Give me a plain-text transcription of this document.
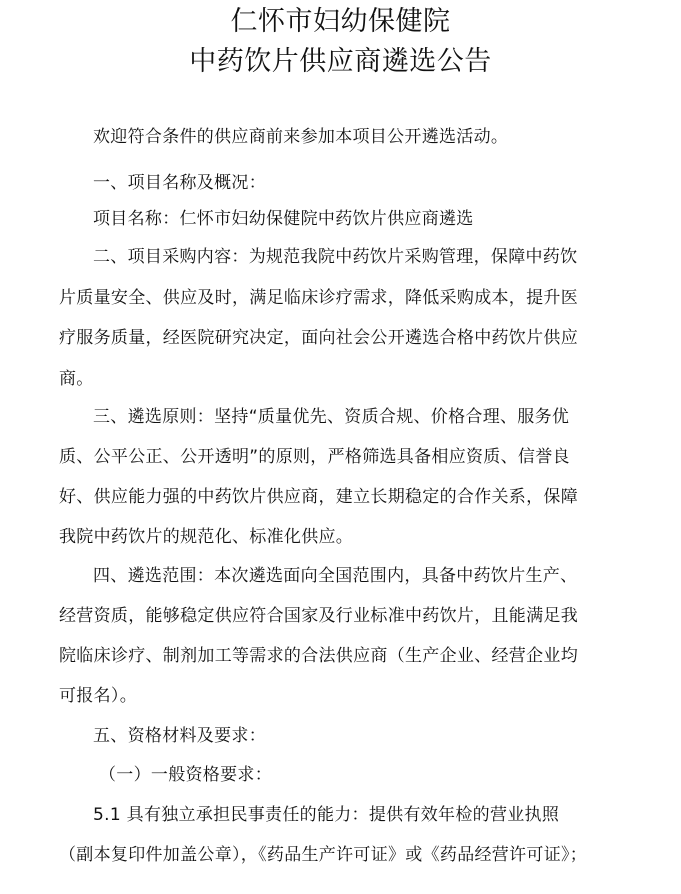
仁怀市妇幼保健院
中药饮片供应商遴选公告
欢迎符合条件的供应商前来参加本项目公开遴选活动。
一、项目名称及概况：
项目名称：仁怀市妇幼保健院中药饮片供应商遴选
二、项目采购内容：为规范我院中药饮片采购管理，保障中药饮
片质量安全、供应及时，满足临床诊疗需求，降低采购成本，提升医
疗服务质量，经医院研究决定，面向社会公开遴选合格中药饮片供应
商。
三、遴选原则：坚持“质量优先、资质合规、价格合理、服务优
质、公平公正、公开透明”的原则，严格筛选具备相应资质、信誉良
好、供应能力强的中药饮片供应商，建立长期稳定的合作关系，保障
我院中药饮片的规范化、标准化供应。
四、遴选范围：本次遴选面向全国范围内，具备中药饮片生产、
经营资质，能够稳定供应符合国家及行业标准中药饮片，且能满足我
院临床诊疗、制剂加工等需求的合法供应商（生产企业、经营企业均
可报名）。
五、资格材料及要求：
（一）一般资格要求：
5.1 具有独立承担民事责任的能力：提供有效年检的营业执照
（副本复印件加盖公章），《药品生产许可证》或《药品经营许可证》；
